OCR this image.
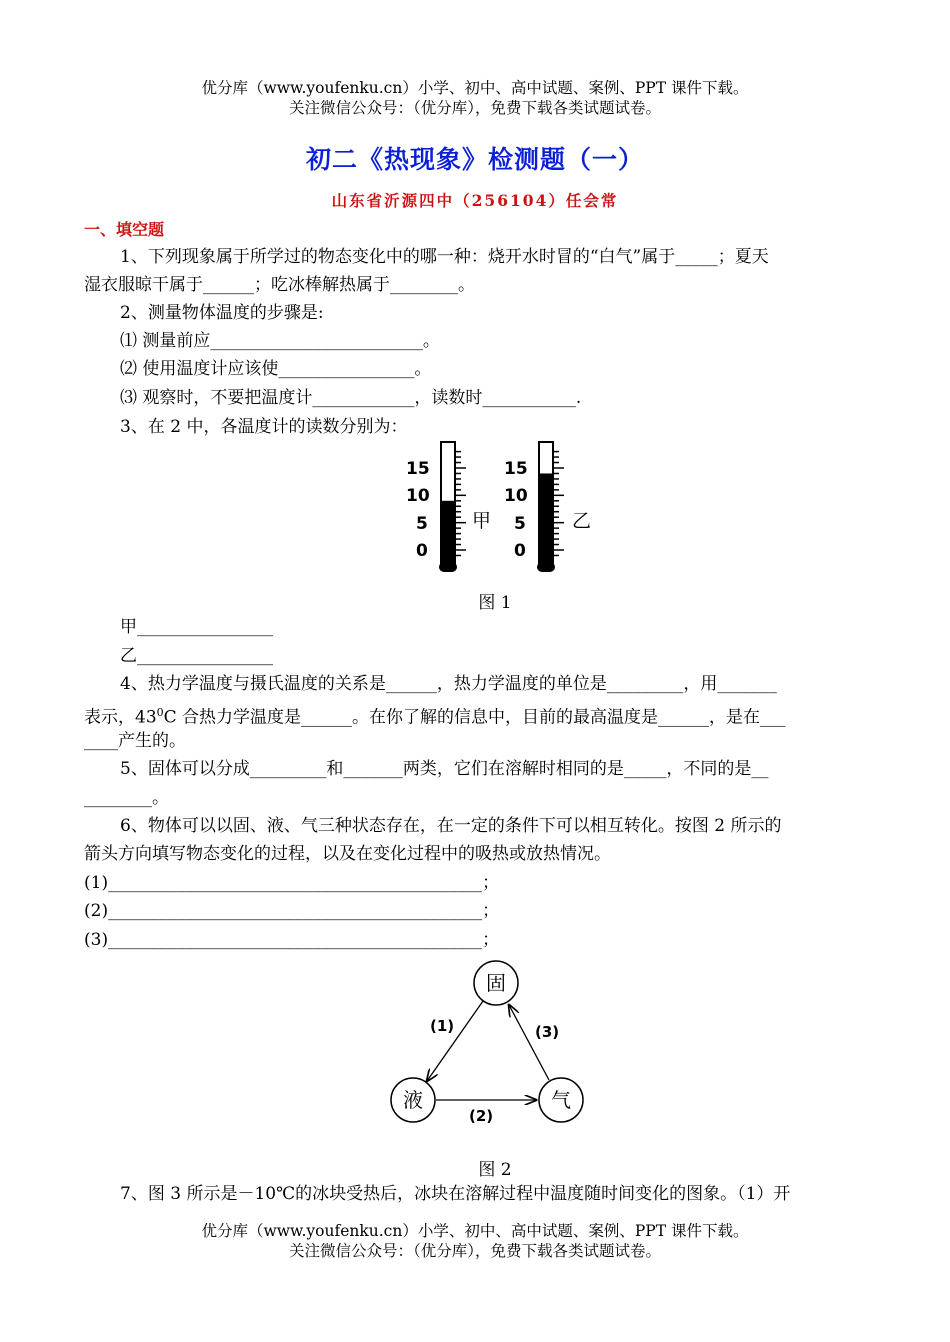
优分库（www.youfenku.cn）小学、初中、高中试题、案例、PPT 课件下载。
关注微信公众号：（优分库），免费下载各类试题试卷。
初二《热现象》检测题（一）
山东省沂源四中（256104）任会常
一、填空题
1、下列现象属于所学过的物态变化中的哪一种：烧开水时冒的“白气”属于_____；夏天
湿衣服晾干属于______；吃冰棒解热属于________。
2、测量物体温度的步骤是:
⑴ 测量前应_________________________。
⑵ 使用温度计应该使________________。
⑶ 观察时，不要把温度计____________，读数时___________.
3、在 2 中，各温度计的读数分别为：
15
10
5
0
甲
15
10
5
0
乙
图 1
甲________________
乙________________
4、热力学温度与摄氏温度的关系是______，热力学温度的单位是_________，用_______
表示，$43^0C$ 合热力学温度是______。在你了解的信息中，目前的最高温度是______，是在___
____产生的。
5、固体可以分成_________和_______两类，它们在溶解时相同的是_____，不同的是__
________。
6、物体可以以固、液、气三种状态存在，在一定的条件下可以相互转化。按图 2 所示的
箭头方向填写物态变化的过程，以及在变化过程中的吸热或放热情况。
(1)____________________________________________；
(2)____________________________________________；
(3)____________________________________________；
固
液	气
(1)
(2)
(3)
图 2
7、图 3 所示是－10℃的冰块受热后，冰块在溶解过程中温度随时间变化的图象。（1）开
优分库（www.youfenku.cn）小学、初中、高中试题、案例、PPT 课件下载。
关注微信公众号：（优分库），免费下载各类试题试卷。
